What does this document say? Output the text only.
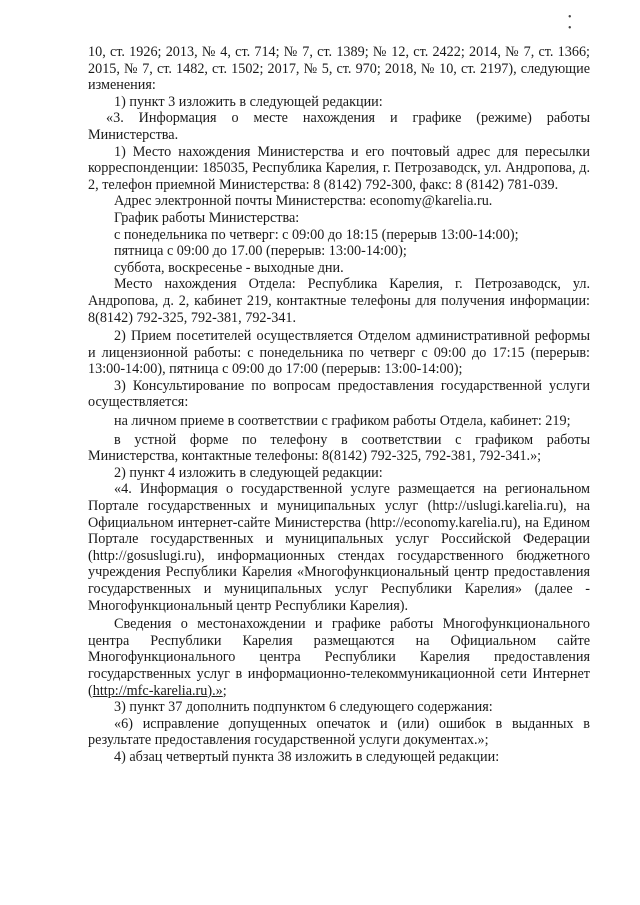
• •

10, ст. 1926; 2013, № 4, ст. 714; № 7, ст. 1389; № 12, ст. 2422; 2014, № 7, ст. 1366; 2015, № 7, ст. 1482, ст. 1502; 2017, № 5, ст. 970; 2018, № 10, ст. 2197), следующие изменения:

1) пункт 3 изложить в следующей редакции:

«3. Информация о месте нахождения и графике (режиме) работы Министерства.

1) Место нахождения Министерства и его почтовый адрес для пересылки корреспонденции: 185035, Республика Карелия, г. Петрозаводск, ул. Андропова, д. 2, телефон приемной Министерства: 8 (8142) 792-300, факс: 8 (8142) 781-039.

Адрес электронной почты Министерства: economy@karelia.ru.

График работы Министерства:

с понедельника по четверг: с 09:00 до 18:15 (перерыв 13:00-14:00);

пятница с 09:00 до 17.00 (перерыв: 13:00-14:00);

суббота, воскресенье - выходные дни.

Место нахождения Отдела: Республика Карелия, г. Петрозаводск, ул. Андропова, д. 2, кабинет 219, контактные телефоны для получения информации: 8(8142) 792-325, 792-381, 792-341.

2) Прием посетителей осуществляется Отделом административной реформы и лицензионной работы: с понедельника по четверг с 09:00 до 17:15 (перерыв: 13:00-14:00), пятница с 09:00 до 17:00 (перерыв: 13:00-14:00);

3) Консультирование по вопросам предоставления государственной услуги осуществляется:

на личном приеме в соответствии с графиком работы Отдела, кабинет: 219;

в устной форме по телефону в соответствии с графиком работы Министерства, контактные телефоны: 8(8142) 792-325, 792-381, 792-341.»;

2) пункт 4 изложить в следующей редакции:

«4. Информация о государственной услуге размещается на региональном Портале государственных и муниципальных услуг (http://uslugi.karelia.ru), на Официальном интернет-сайте Министерства (http://economy.karelia.ru), на Едином Портале государственных и муниципальных услуг Российской Федерации (http://gosuslugi.ru), информационных стендах государственного бюджетного учреждения Республики Карелия «Многофункциональный центр предоставления государственных и муниципальных услуг Республики Карелия» (далее - Многофункциональный центр Республики Карелия).

Сведения о местонахождении и графике работы Многофункционального центра Республики Карелия размещаются на Официальном сайте Многофункционального центра Республики Карелия предоставления государственных услуг в информационно-телекоммуникационной сети Интернет (http://mfc-karelia.ru).»;

3) пункт 37 дополнить подпунктом 6 следующего содержания:

«6) исправление допущенных опечаток и (или) ошибок в выданных в результате предоставления государственной услуги документах.»;

4) абзац четвертый пункта 38 изложить в следующей редакции:
